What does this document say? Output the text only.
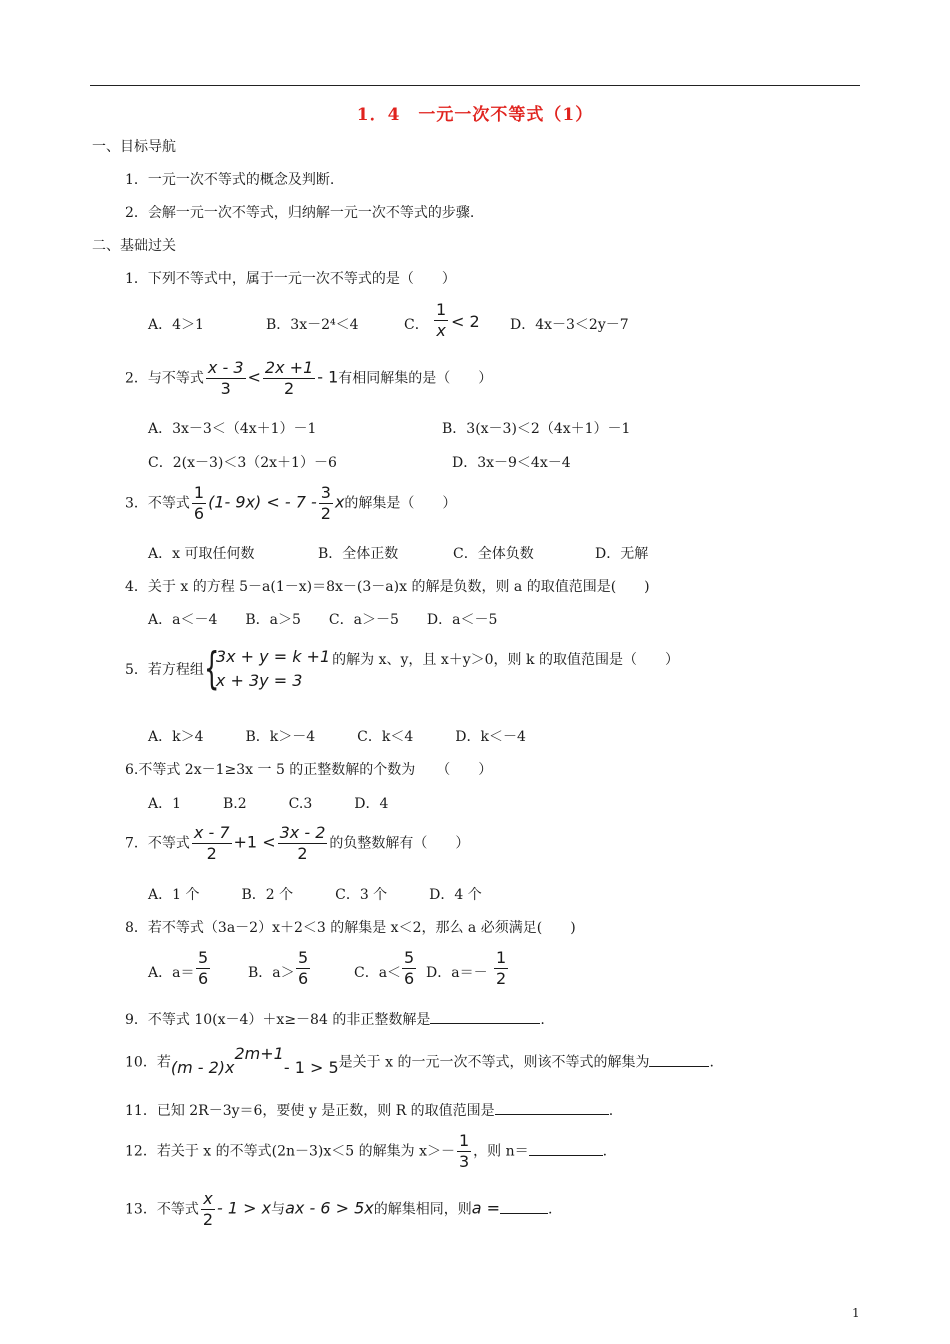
1．4　一元一次不等式（1）
一、目标导航
1．一元一次不等式的概念及判断.
2．会解一元一次不等式，归纳解一元一次不等式的步骤.
二、基础过关
1．下列不等式中，属于一元一次不等式的是（　　）
A．4＞1	B．3x－2⁴＜4	C． $\frac{1}{x} < 2$ D．4x－3＜2y－7
2．与不等式 $\frac{x - 3}{3} < \frac{2x +1}{2} - 1$有相同解集的是（　　）
A．3x－3＜（4x＋1）－1	B．3(x－3)＜2（4x＋1）－1
C．2(x－3)＜3（2x＋1）－6	D．3x－9＜4x－4
3．不等式 $\frac{1}{6} (1-$ 9x) < - $7 - \frac{3}{2}$ x的解集是（　　）
A．x 可取任何数	B．全体正数	C．全体负数	D．无解
4．关于 x 的方程 5－a(1－x)＝8x－(3－a)x 的解是负数，则 a 的取值范围是(　　)
A．a＜－4　　B．a＞5　　C．a＞－5　　D．a＜－5
5．若方程组 {
3x + y = k +1
x + 3y = 3
的解为 x、y，且 x＋y＞0，则 k 的取值范围是（　　）
A．k＞4　　　B．k＞－4　　　C．k＜4　　　D．k＜－4
6.不等式 2x－1≥3x 一 5 的正整数解的个数为　　（　　）
A．1　　　B.2　　　C.3　　　D．4
7．不等式 $\frac{x - 7}{2} +1 < \frac{3x - 2}{2}$ 的负整数解有（　　）
A．1 个　　　B．2 个　　　C．3 个　　　D．4 个
8．若不等式（3a－2）x＋2＜3 的解集是 x＜2，那么 a 必须满足(　　)
A．$a= \frac{5}{6}$	B．$a> \frac{5}{6}$	C．$a< \frac{5}{6}$ D．$a=- \frac{1}{2}$
9．不等式 10(x－4）＋x≥－84 的非正整数解是	.
10．若$(m - 2)x^{2m+1}-$ 1 > 5是关于 x 的一元一次不等式，则该不等式的解集为	.
11．已知 2R－3y＝6，要使 y 是正数，则 R 的取值范围是	.
12．若关于 x 的不等式(2n－3)x＜5 的解集为 $x>- \frac{1}{3}$ ，则 n＝	.
13．不等式 $\frac{x}{2} - 1 > x$与ax - 6 > 5x的解集相同，则a =	.
1
